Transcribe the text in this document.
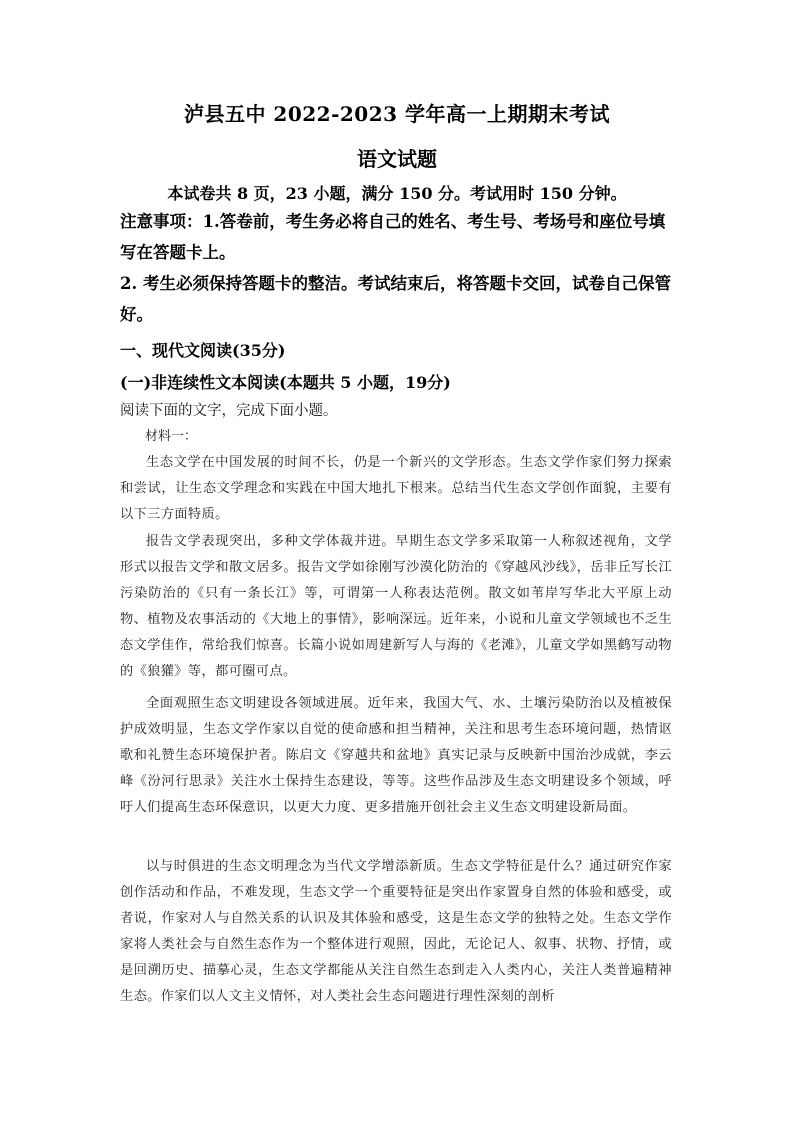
泸县五中 2022-2023 学年高一上期期末考试
语文试题
本试卷共 8 页，23 小题，满分 150 分。考试用时 150 分钟。
注意事项：1.答卷前，考生务必将自己的姓名、考生号、考场号和座位号填写在答题卡上。
2. 考生必须保持答题卡的整洁。考试结束后，将答题卡交回，试卷自己保管好。
一、现代文阅读(35分)
(一)非连续性文本阅读(本题共 5 小题，19分)
阅读下面的文字，完成下面小题。
材料一：
生态文学在中国发展的时间不长，仍是一个新兴的文学形态。生态文学作家们努力探索和尝试，让生态文学理念和实践在中国大地扎下根来。总结当代生态文学创作面貌，主要有以下三方面特质。
报告文学表现突出，多种文学体裁并进。早期生态文学多采取第一人称叙述视角，文学形式以报告文学和散文居多。报告文学如徐刚写沙漠化防治的《穿越风沙线》，岳非丘写长江污染防治的《只有一条长江》等，可谓第一人称表达范例。散文如苇岸写华北大平原上动物、植物及农事活动的《大地上的事情》，影响深远。近年来，小说和儿童文学领域也不乏生态文学佳作，常给我们惊喜。长篇小说如周建新写人与海的《老滩》，儿童文学如黑鹤写动物的《狼獾》等，都可圈可点。
全面观照生态文明建设各领域进展。近年来，我国大气、水、土壤污染防治以及植被保护成效明显，生态文学作家以自觉的使命感和担当精神，关注和思考生态环境问题，热情讴歌和礼赞生态环境保护者。陈启文《穿越共和盆地》真实记录与反映新中国治沙成就，李云峰《汾河行思录》关注水土保持生态建设，等等。这些作品涉及生态文明建设多个领域，呼吁人们提高生态环保意识，以更大力度、更多措施开创社会主义生态文明建设新局面。
以与时俱进的生态文明理念为当代文学增添新质。生态文学特征是什么？通过研究作家创作活动和作品，不难发现，生态文学一个重要特征是突出作家置身自然的体验和感受，或者说，作家对人与自然关系的认识及其体验和感受，这是生态文学的独特之处。生态文学作家将人类社会与自然生态作为一个整体进行观照，因此，无论记人、叙事、状物、抒情，或是回溯历史、描摹心灵，生态文学都能从关注自然生态到走入人类内心，关注人类普遍精神生态。作家们以人文主义情怀，对人类社会生态问题进行理性深刻的剖析
